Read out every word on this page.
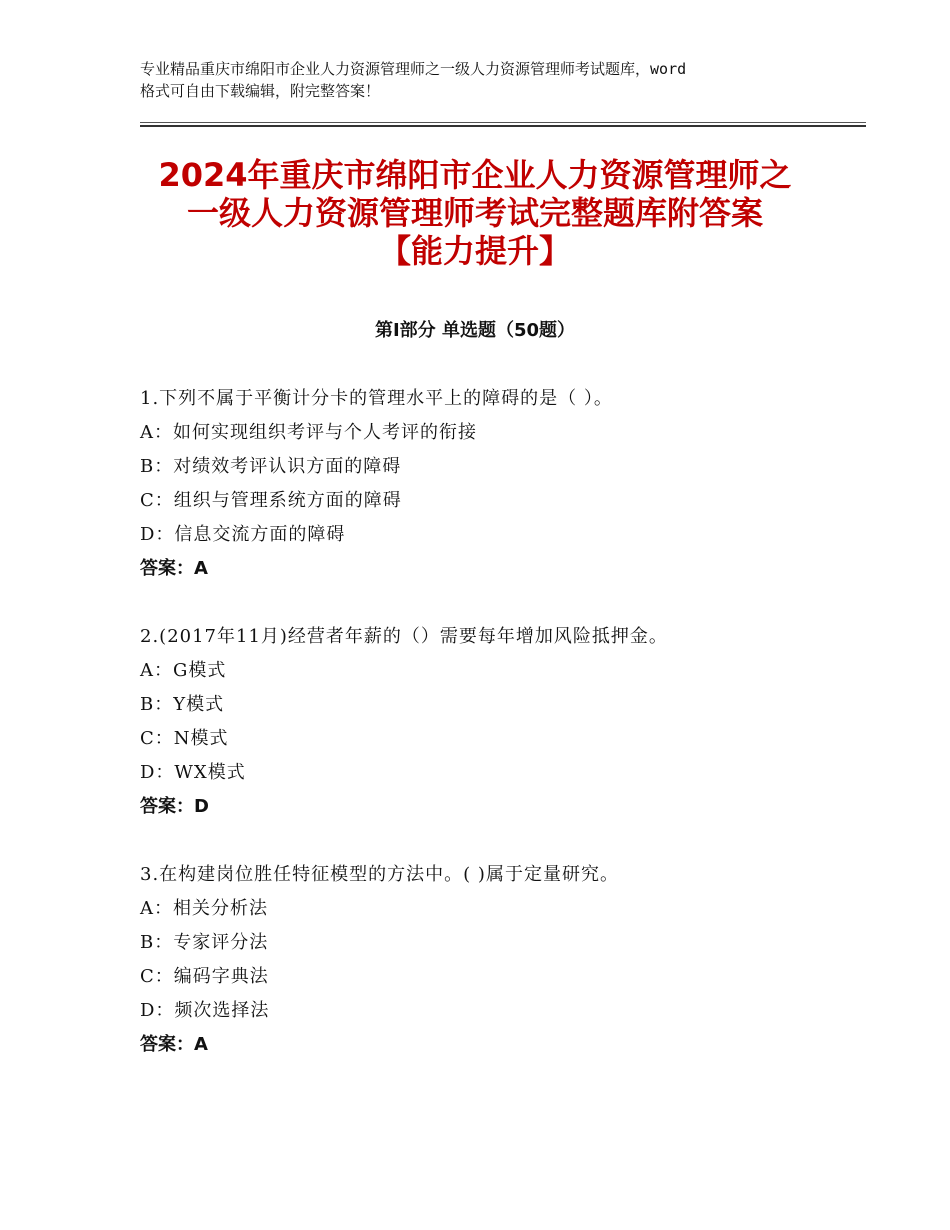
专业精品重庆市绵阳市企业人力资源管理师之一级人力资源管理师考试题库，word
格式可自由下载编辑，附完整答案！
2024年重庆市绵阳市企业人力资源管理师之
一级人力资源管理师考试完整题库附答案
【能力提升】
第Ⅰ部分 单选题（50题）
1.下列不属于平衡计分卡的管理水平上的障碍的是（ ）。
A：如何实现组织考评与个人考评的衔接
B：对绩效考评认识方面的障碍
C：组织与管理系统方面的障碍
D：信息交流方面的障碍
答案：A
2.(2017年11月)经营者年薪的（）需要每年增加风险抵押金。
A：G模式
B：Y模式
C：N模式
D：WX模式
答案：D
3.在构建岗位胜任特征模型的方法中。( )属于定量研究。
A：相关分析法
B：专家评分法
C：编码字典法
D：频次选择法
答案：A
